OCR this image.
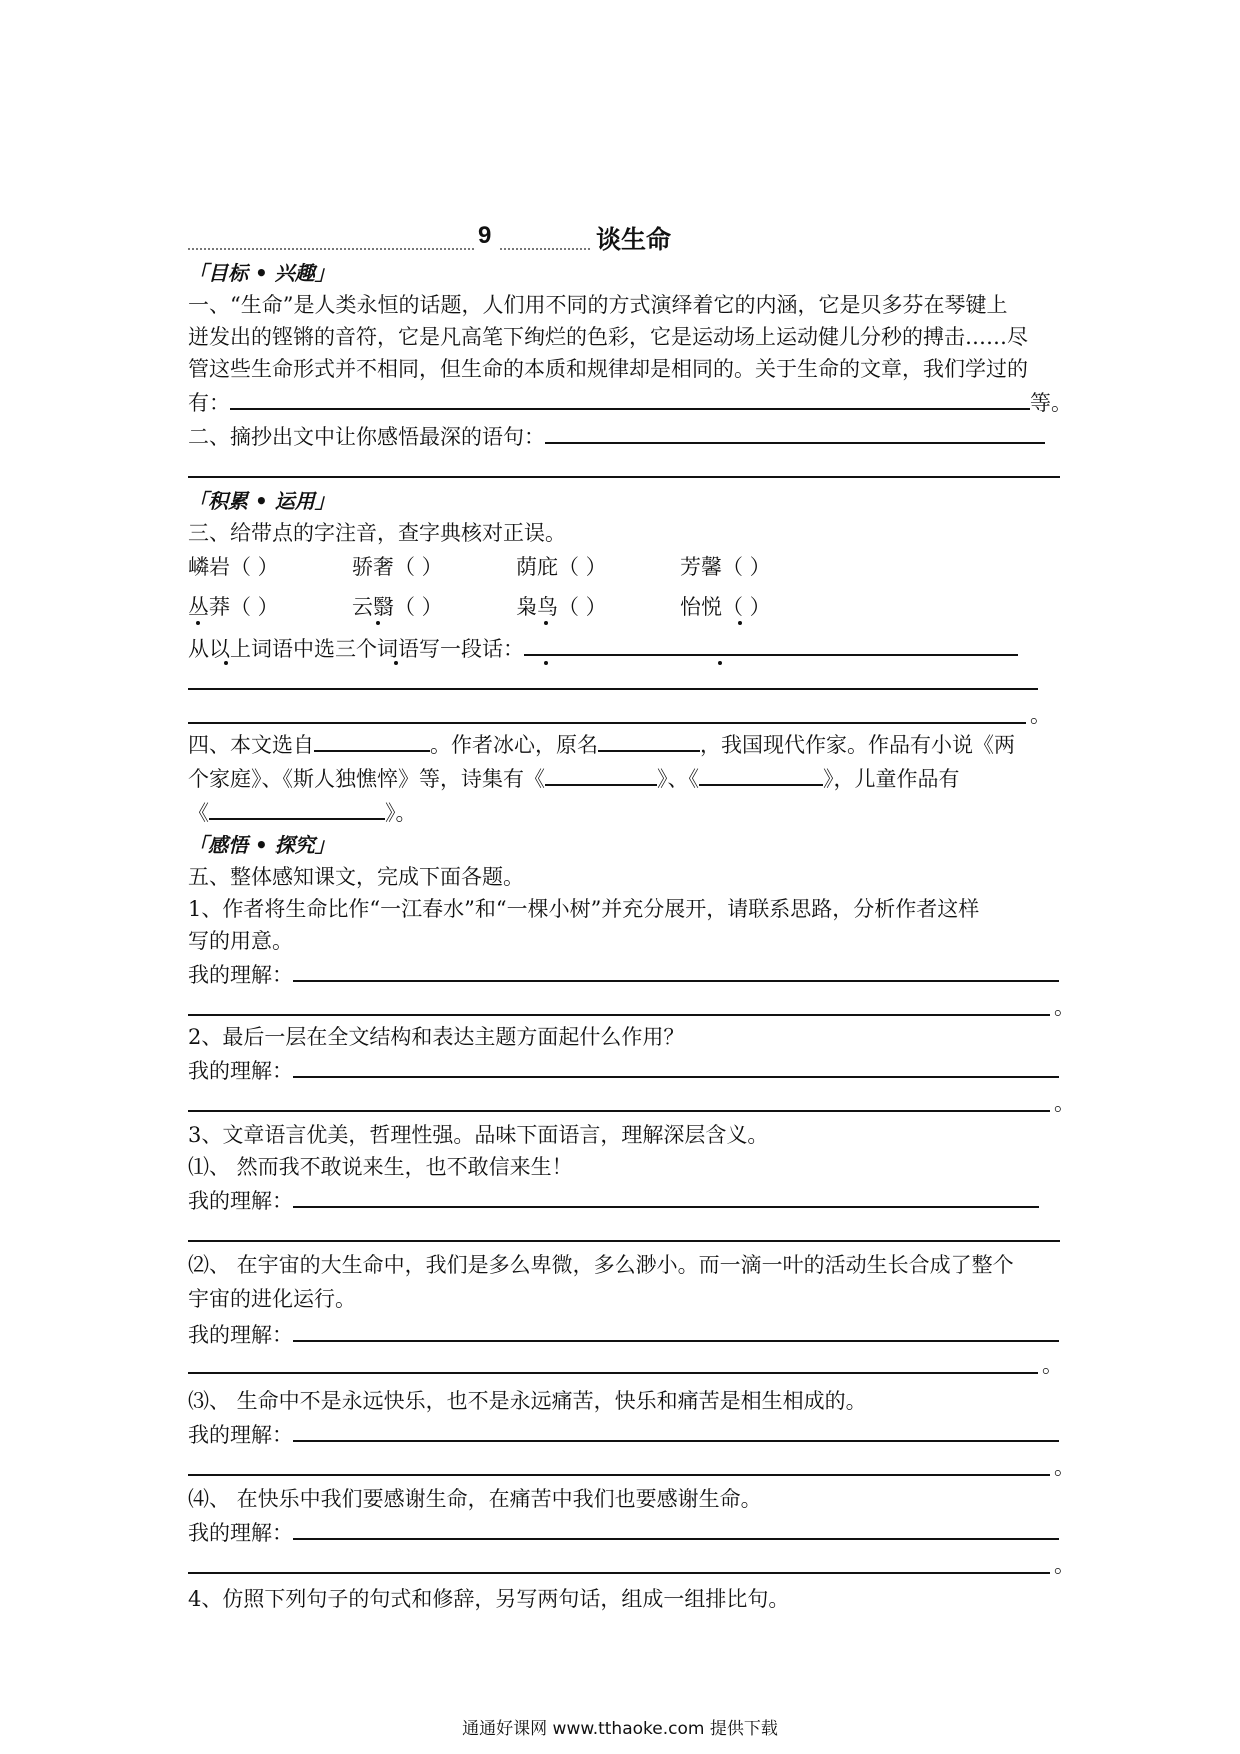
9	谈生命
「目标 • 兴趣」
一、“生命”是人类永恒的话题，人们用不同的方式演绎着它的内涵，它是贝多芬在琴键上
迸发出的铿锵的音符，它是凡高笔下绚烂的色彩，它是运动场上运动健儿分秒的搏击……尽
管这些生命形式并不相同，但生命的本质和规律却是相同的。关于生命的文章，我们学过的
有：	等。
二、摘抄出文中让你感悟最深的语句：
「积累 • 运用」
三、给带点的字注音，查字典核对正误。
嶙岩（ ）	骄奢（ ）	荫庇（ ）	芳馨（ ）
丛莽（ ）	云翳（ ）	枭鸟（ ）	怡悦（ ）
从以上词语中选三个词语写一段话：
。
四、本文选自	。作者冰心，原名	，我国现代作家。作品有小说《两
个家庭》、《斯人独憔悴》等，诗集有《	》、《	》，儿童作品有
《	》。
「感悟 • 探究」
五、整体感知课文，完成下面各题。
1、作者将生命比作“一江春水”和“一棵小树”并充分展开，请联系思路，分析作者这样
写的用意。
我的理解：
。
2、最后一层在全文结构和表达主题方面起什么作用？
我的理解：
。
3、文章语言优美，哲理性强。品味下面语言，理解深层含义。
⑴、 然而我不敢说来生，也不敢信来生！
我的理解：
⑵、 在宇宙的大生命中，我们是多么卑微，多么渺小。而一滴一叶的活动生长合成了整个
宇宙的进化运行。
我的理解：
。
⑶、 生命中不是永远快乐，也不是永远痛苦，快乐和痛苦是相生相成的。
我的理解：
。
⑷、 在快乐中我们要感谢生命，在痛苦中我们也要感谢生命。
我的理解：
。
4、仿照下列句子的句式和修辞，另写两句话，组成一组排比句。
通通好课网 www.tthaoke.com 提供下载
